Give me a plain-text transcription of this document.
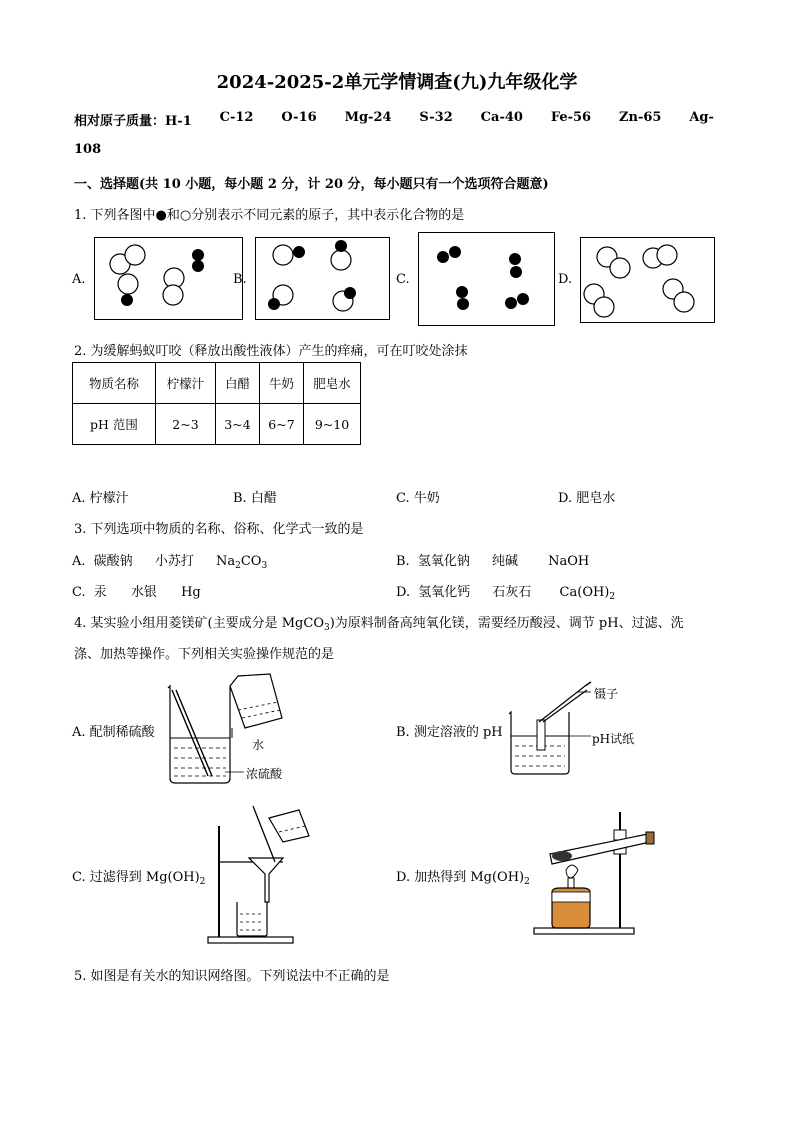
2024-2025-2单元学情调查(九)九年级化学
相对原子质量：H-1 C-12 O-16 Mg-24 S-32 Ca-40 Fe-56 Zn-65 Ag-
108
一、选择题(共 10 小题，每小题 2 分，计 20 分，每小题只有一个选项符合题意)
1. 下列各图中●和○分别表示不同元素的原子，其中表示化合物的是
A.	B.	C.	D.
2. 为缓解蚂蚁叮咬（释放出酸性液体）产生的痒痛，可在叮咬处涂抹
物质名称	柠檬汁	白醋	牛奶	肥皂水
pH 范围	2~3	3~4	6~7	9~10
A. 柠檬汁	B. 白醋	C. 牛奶	D. 肥皂水
3. 下列选项中物质的名称、俗称、化学式一致的是
A. 碳酸钠 小苏打 $Na_2CO_3$	B. 氢氧化钠 纯碱 NaOH
C. 汞 水银 Hg	D. 氢氧化钙 石灰石 $Ca(OH)_2$
4. 某实验小组用菱镁矿(主要成分是 MgCO$_3$)为原料制备高纯氧化镁，需要经历酸浸、调节 pH、过滤、洗
涤、加热等操作。下列相关实验操作规范的是
A. 配制稀硫酸
水
浓硫酸
B. 测定溶液的 pH
镊子
pH试纸
C. 过滤得到 $Mg(OH)_2$	D. 加热得到 $Mg(OH)_2$
5. 如图是有关水的知识网络图。下列说法中不正确的是
